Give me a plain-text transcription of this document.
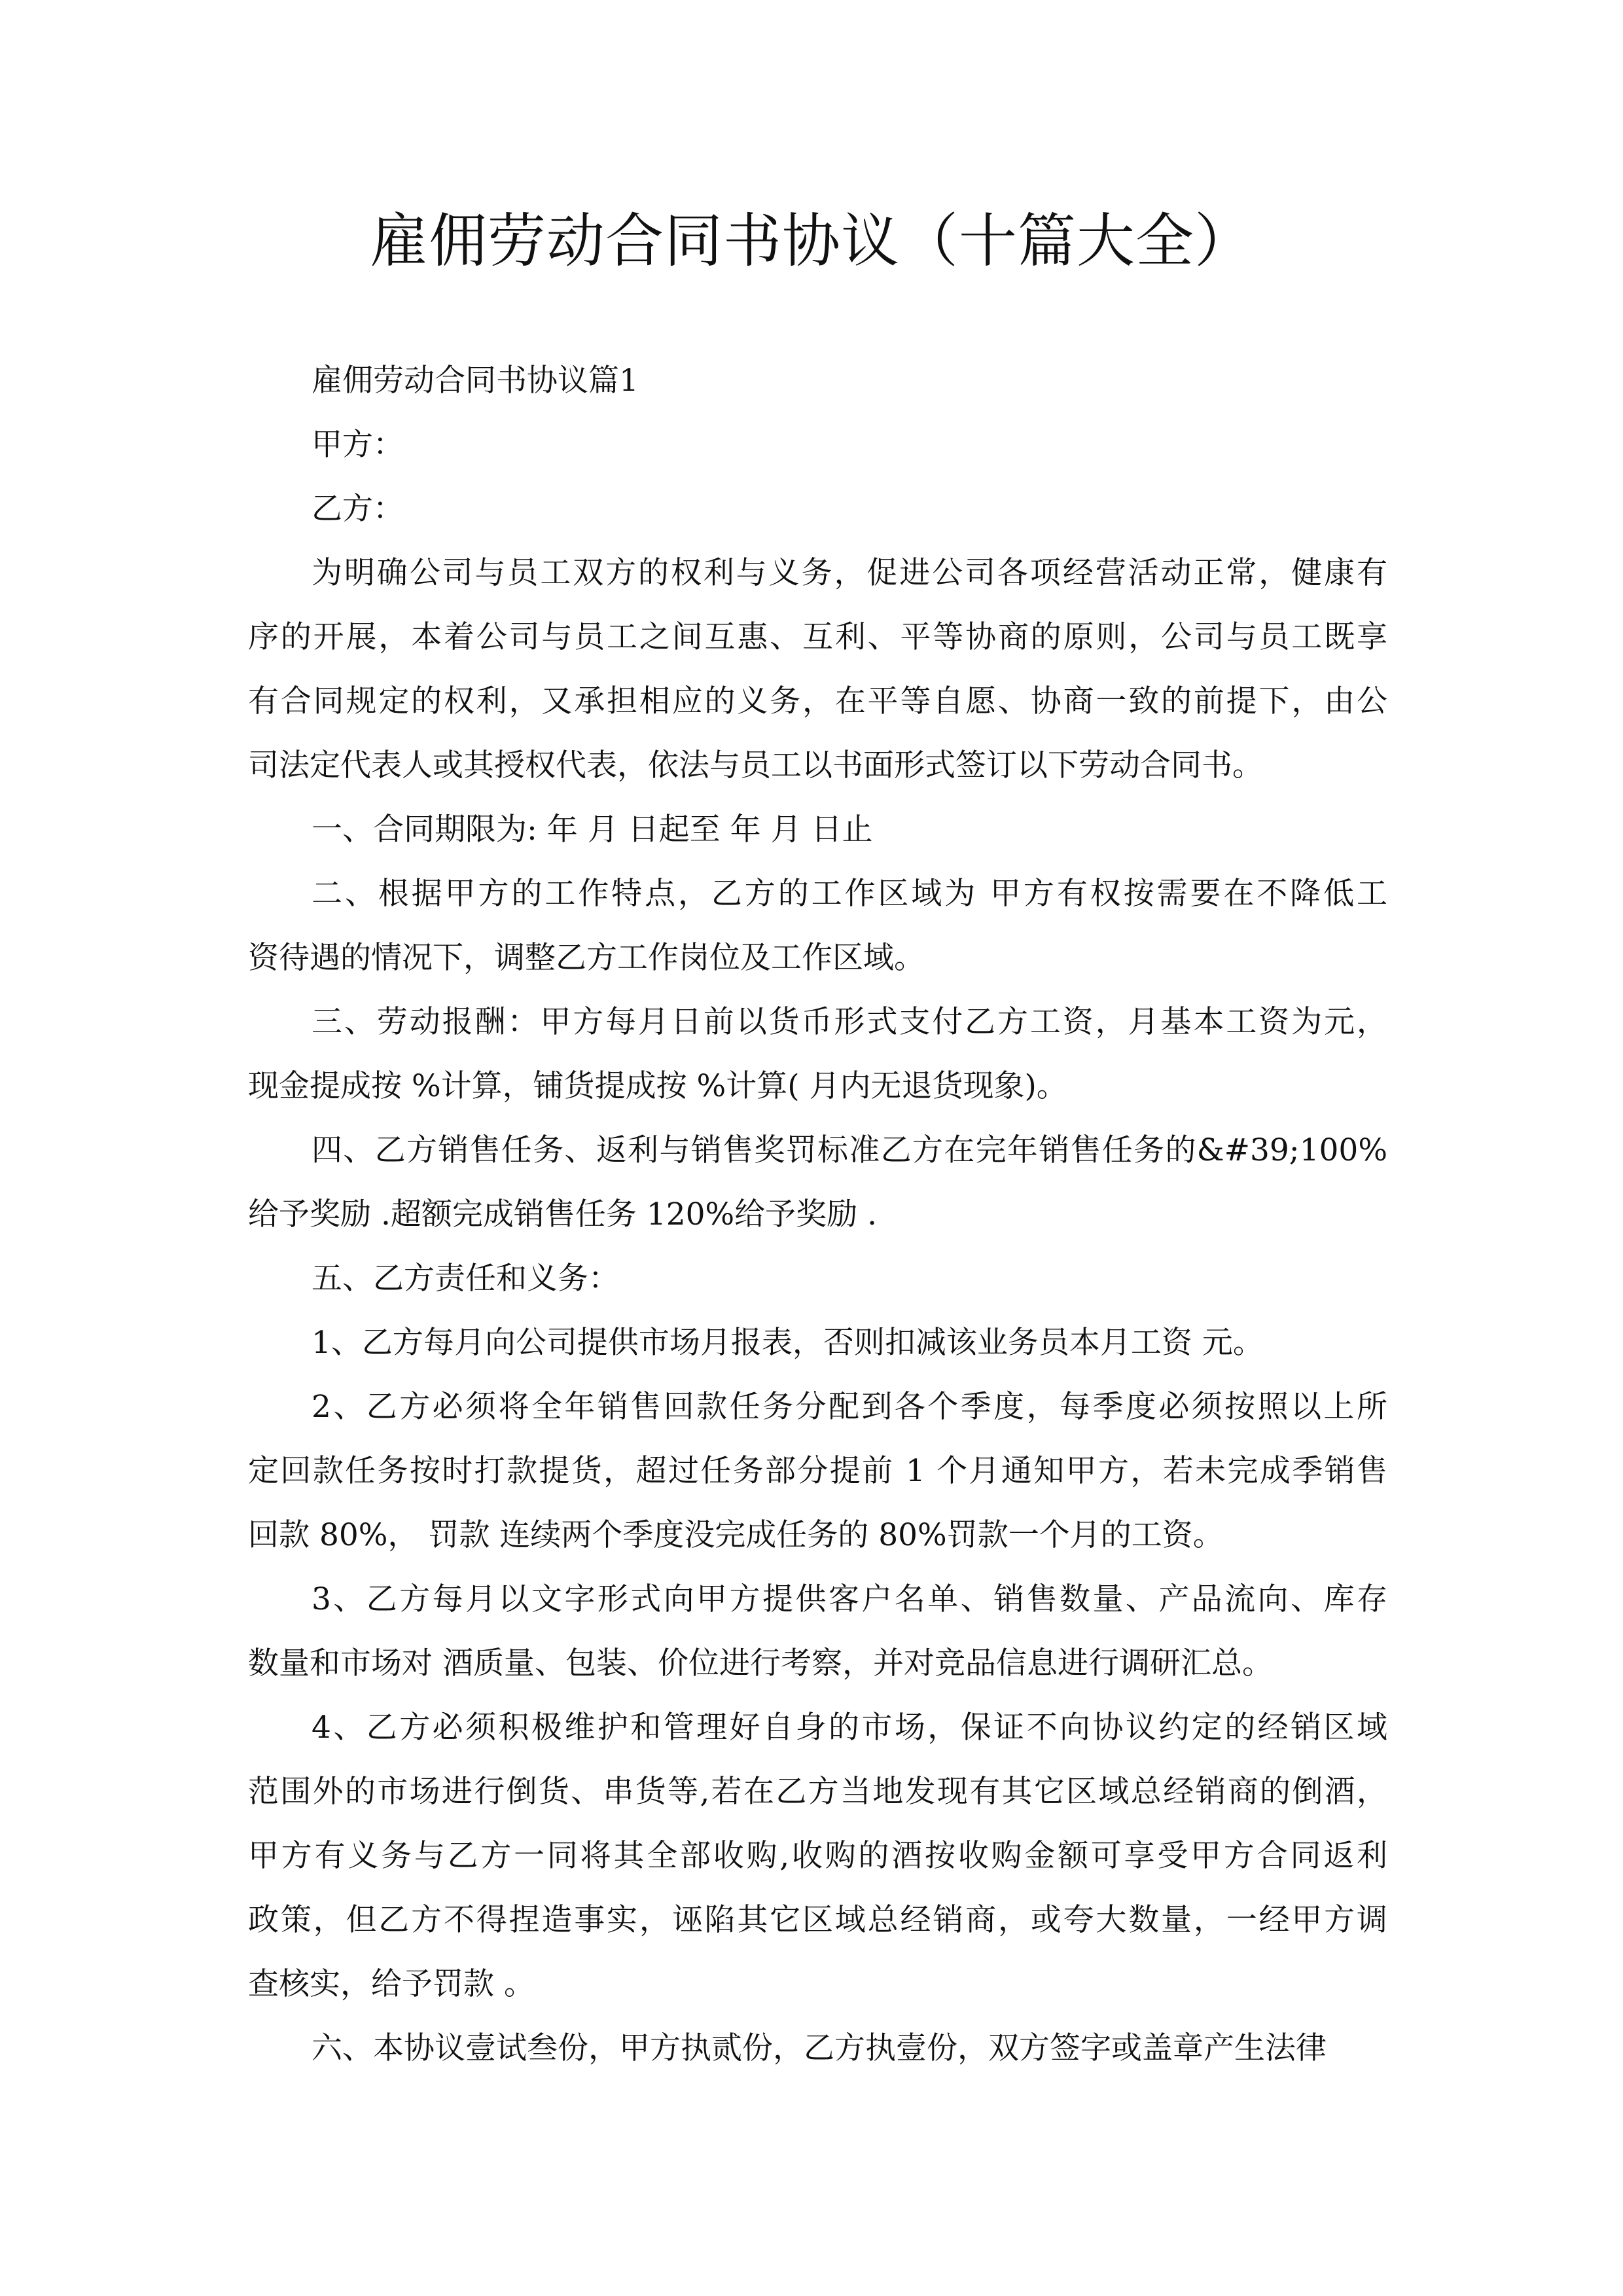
雇佣劳动合同书协议（十篇大全）
雇佣劳动合同书协议篇1
甲方：
乙方：
为明确公司与员工双方的权利与义务，促进公司各项经营活动正常，健康有
序的开展，本着公司与员工之间互惠、互利、平等协商的原则，公司与员工既享
有合同规定的权利，又承担相应的义务，在平等自愿、协商一致的前提下，由公
司法定代表人或其授权代表，依法与员工以书面形式签订以下劳动合同书。
一、合同期限为: 年 月 日起至 年 月 日止
二、根据甲方的工作特点，乙方的工作区域为 甲方有权按需要在不降低工
资待遇的情况下，调整乙方工作岗位及工作区域。
三、劳动报酬：甲方每月日前以货币形式支付乙方工资，月基本工资为元，
现金提成按 %计算，铺货提成按 %计算( 月内无退货现象)。
四、乙方销售任务、返利与销售奖罚标准乙方在完年销售任务的&#39;100%
给予奖励 .超额完成销售任务 120%给予奖励 .
五、乙方责任和义务：
1、乙方每月向公司提供市场月报表，否则扣减该业务员本月工资 元。
2、乙方必须将全年销售回款任务分配到各个季度，每季度必须按照以上所
定回款任务按时打款提货，超过任务部分提前 1 个月通知甲方，若未完成季销售
回款 80%， 罚款 连续两个季度没完成任务的 80%罚款一个月的工资。
3、乙方每月以文字形式向甲方提供客户名单、销售数量、产品流向、库存
数量和市场对 酒质量、包装、价位进行考察，并对竞品信息进行调研汇总。
4、乙方必须积极维护和管理好自身的市场，保证不向协议约定的经销区域
范围外的市场进行倒货、串货等,若在乙方当地发现有其它区域总经销商的倒酒，
甲方有义务与乙方一同将其全部收购,收购的酒按收购金额可享受甲方合同返利
政策，但乙方不得捏造事实，诬陷其它区域总经销商，或夸大数量，一经甲方调
查核实，给予罚款 。
六、本协议壹试叁份，甲方执贰份，乙方执壹份，双方签字或盖章产生法律
